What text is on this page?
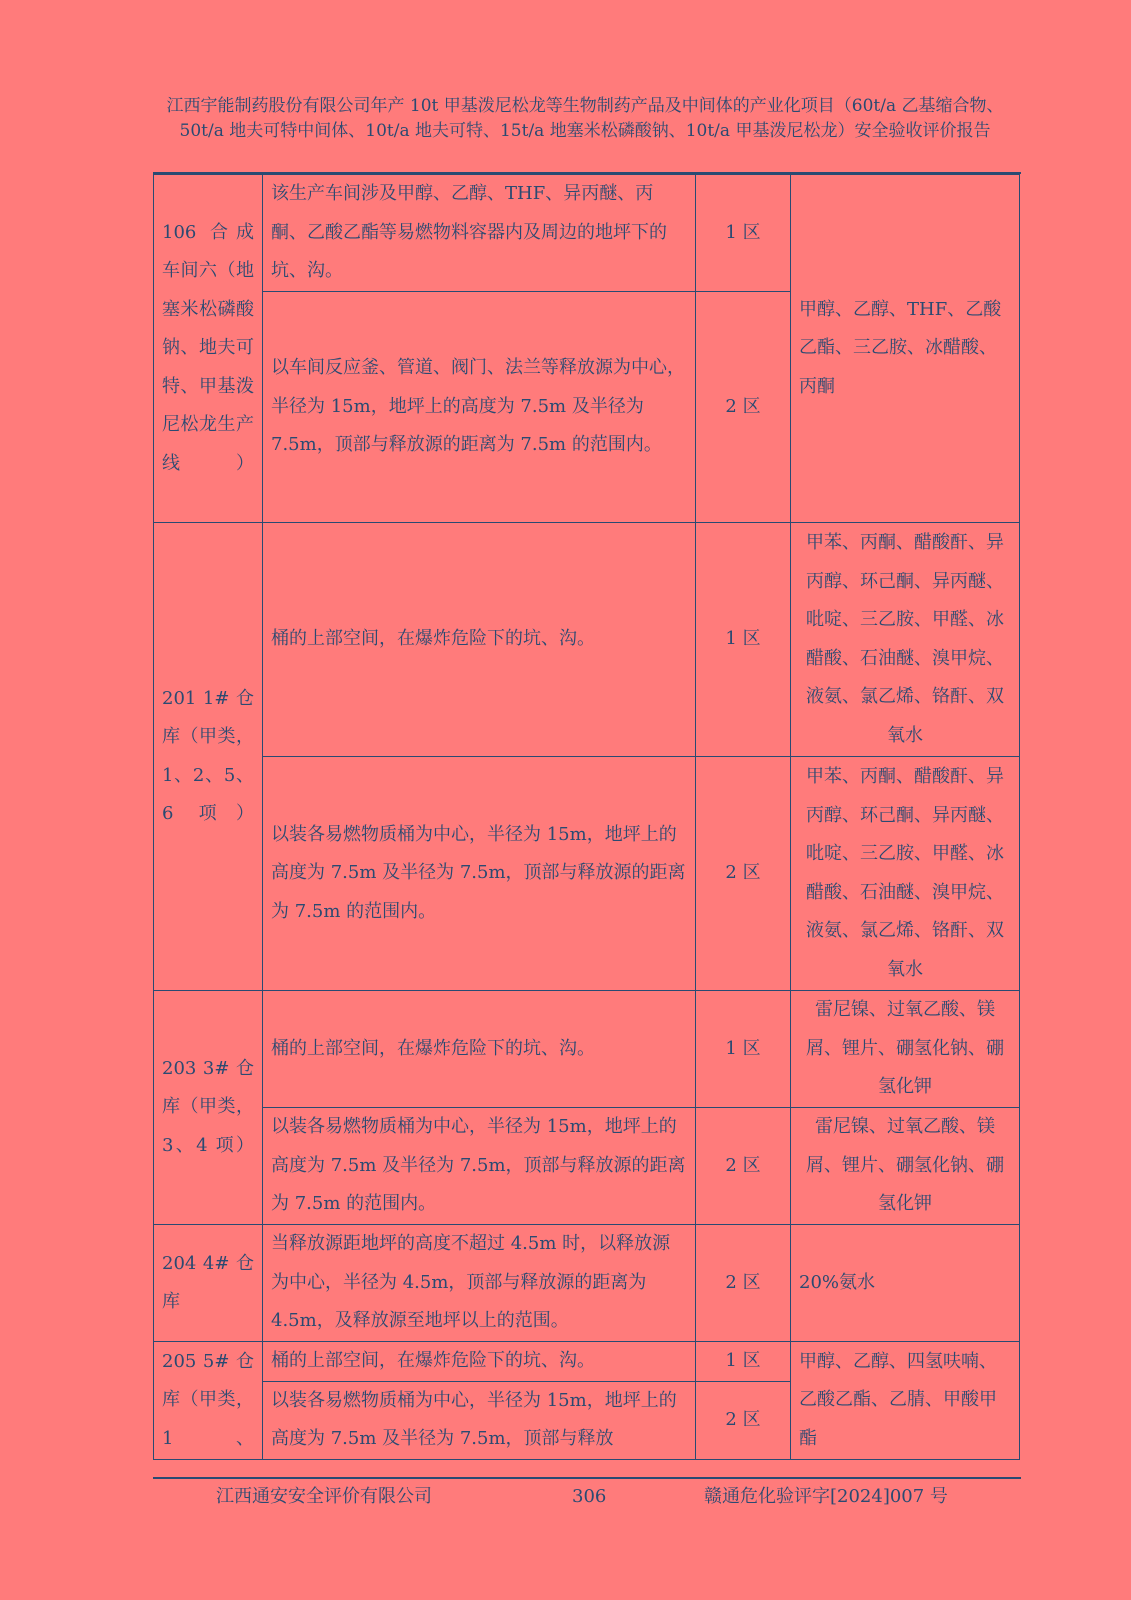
江西宇能制药股份有限公司年产 10t 甲基泼尼松龙等生物制药产品及中间体的产业化项目（60t/a 乙基缩合物、50t/a 地夫可特中间体、10t/a 地夫可特、15t/a 地塞米松磷酸钠、10t/a 甲基泼尼松龙）安全验收评价报告
106 合成车间六（地塞米松磷酸钠、地夫可特、甲基泼尼松龙生产线）	该生产车间涉及甲醇、乙醇、THF、异丙醚、丙酮、乙酸乙酯等易燃物料容器内及周边的地坪下的坑、沟。	1 区	甲醇、乙醇、THF、乙酸乙酯、三乙胺、冰醋酸、丙酮
	以车间反应釜、管道、阀门、法兰等释放源为中心，半径为 15m，地坪上的高度为 7.5m 及半径为 7.5m，顶部与释放源的距离为 7.5m 的范围内。	2 区	
201 1# 仓库（甲类，1、2、5、6 项）	桶的上部空间，在爆炸危险下的坑、沟。	1 区	甲苯、丙酮、醋酸酐、异丙醇、环己酮、异丙醚、吡啶、三乙胺、甲醛、冰醋酸、石油醚、溴甲烷、液氨、氯乙烯、铬酐、双氧水
	以装各易燃物质桶为中心，半径为 15m，地坪上的高度为 7.5m 及半径为 7.5m，顶部与释放源的距离为 7.5m 的范围内。	2 区	甲苯、丙酮、醋酸酐、异丙醇、环己酮、异丙醚、吡啶、三乙胺、甲醛、冰醋酸、石油醚、溴甲烷、液氨、氯乙烯、铬酐、双氧水
203 3# 仓库（甲类，3、4 项）	桶的上部空间，在爆炸危险下的坑、沟。	1 区	雷尼镍、过氧乙酸、镁屑、锂片、硼氢化钠、硼氢化钾
	以装各易燃物质桶为中心，半径为 15m，地坪上的高度为 7.5m 及半径为 7.5m，顶部与释放源的距离为 7.5m 的范围内。	2 区	雷尼镍、过氧乙酸、镁屑、锂片、硼氢化钠、硼氢化钾
204 4# 仓库	当释放源距地坪的高度不超过 4.5m 时，以释放源为中心，半径为 4.5m，顶部与释放源的距离为 4.5m，及释放源至地坪以上的范围。	2 区	20%氨水
205 5# 仓库（甲类，1、	桶的上部空间，在爆炸危险下的坑、沟。	1 区	甲醇、乙醇、四氢呋喃、乙酸乙酯、乙腈、甲酸甲酯
	以装各易燃物质桶为中心，半径为 15m，地坪上的高度为 7.5m 及半径为 7.5m，顶部与释放	2 区	
江西通安安全评价有限公司	306	赣通危化验评字[2024]007 号
